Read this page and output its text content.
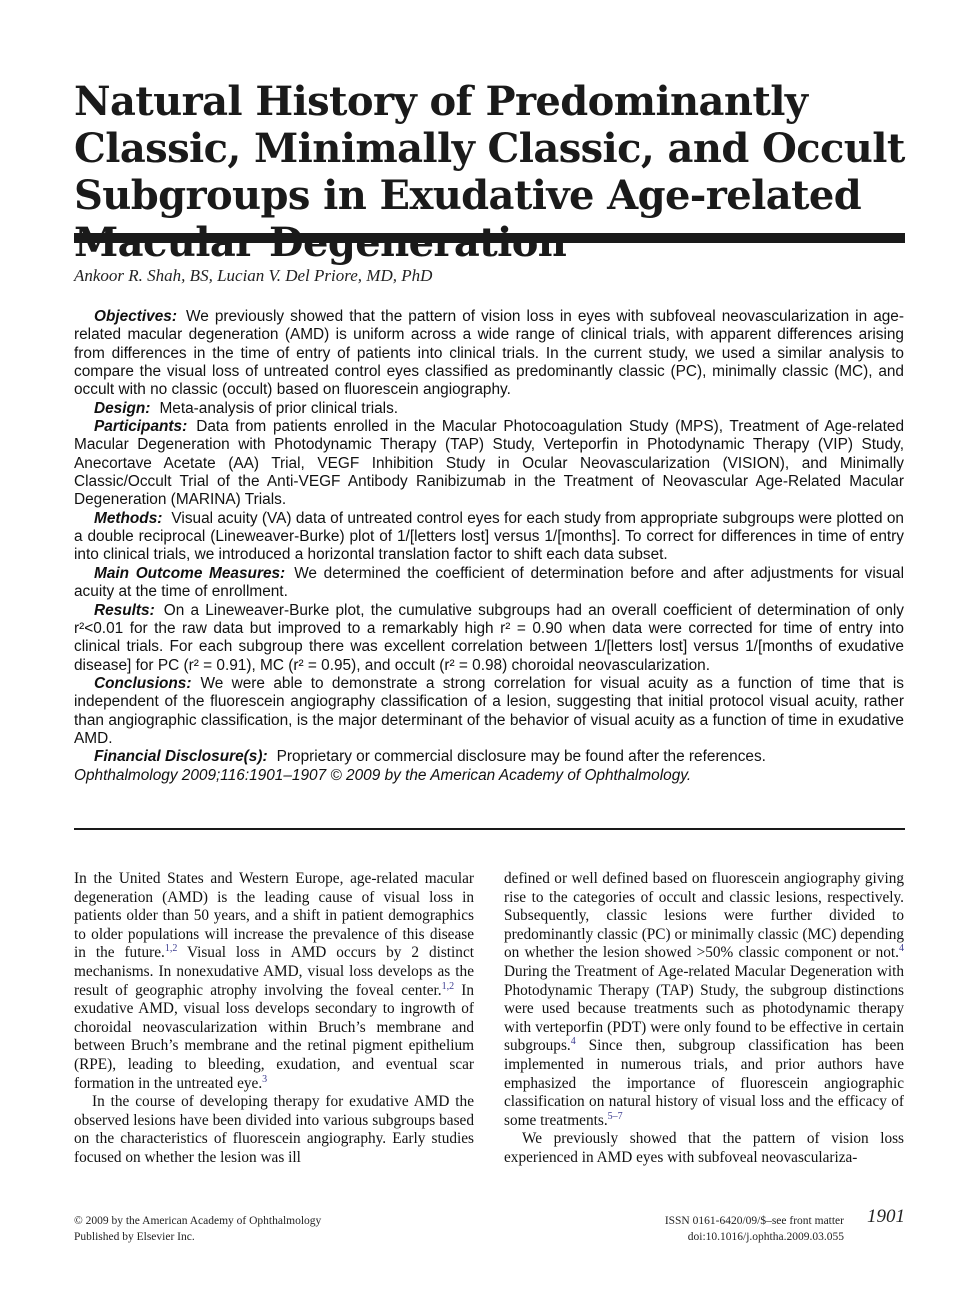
Natural History of Predominantly Classic, Minimally Classic, and Occult Subgroups in Exudative Age-related
Ankoor R. Shah, BS, Lucian V. Del Priore, MD, PhD

Objectives: We previously showed that the pattern of vision loss in eyes with subfoveal neovascularization in age-related macular degeneration (AMD) is uniform across a wide range of clinical trials, with apparent differences arising from differences in the time of entry of patients into clinical trials. In the current study, we used a similar analysis to compare the visual loss of untreated control eyes classified as predominantly classic (PC), minimally classic (MC), and occult with no classic (occult) based on fluorescein angiography.

Design: Meta-analysis of prior clinical trials.

Participants: Data from patients enrolled in the Macular Photocoagulation Study (MPS), Treatment of Age-related Macular Degeneration with Photodynamic Therapy (TAP) Study, Verteporfin in Photodynamic Therapy (VIP) Study, Anecortave Acetate (AA) Trial, VEGF Inhibition Study in Ocular Neovascularization (VISION), and Minimally Classic/Occult Trial of the Anti-VEGF Antibody Ranibizumab in the Treatment of Neovascular Age-Related Macular Degeneration (MARINA) Trials.

Methods: Visual acuity (VA) data of untreated control eyes for each study from appropriate subgroups were plotted on a double reciprocal (Lineweaver-Burke) plot of 1/[letters lost] versus 1/[months]. To correct for differences in time of entry into clinical trials, we introduced a horizontal translation factor to shift each data subset.

Main Outcome Measures: We determined the coefficient of determination before and after adjustments for visual acuity at the time of enrollment.

Results: On a Lineweaver-Burke plot, the cumulative subgroups had an overall coefficient of determination of only r²<0.01 for the raw data but improved to a remarkably high r² = 0.90 when data were corrected for time of entry into clinical trials. For each subgroup there was excellent correlation between 1/[letters lost] versus 1/[months of exudative disease] for PC (r² = 0.91), MC (r² = 0.95), and occult (r² = 0.98) choroidal neovascularization.

Conclusions: We were able to demonstrate a strong correlation for visual acuity as a function of time that is independent of the fluorescein angiography classification of a lesion, suggesting that initial protocol visual acuity, rather than angiographic classification, is the major determinant of the behavior of visual acuity as a function of time in exudative AMD.

Financial Disclosure(s): Proprietary or commercial disclosure may be found after the references.

Ophthalmology 2009;116:1901–1907 © 2009 by the American Academy of Ophthalmology.

In the United States and Western Europe, age-related macular degeneration (AMD) is the leading cause of visual loss in patients older than 50 years, and a shift in patient demographics to older populations will increase the prevalence of this disease in the future.$^{1,2}$ Visual loss in AMD occurs by 2 distinct mechanisms. In nonexudative AMD, visual loss develops as the result of geographic atrophy involving the foveal center.$^{1,2}$ In exudative AMD, visual loss develops secondary to ingrowth of choroidal neovascularization within Bruch’s membrane and between Bruch’s membrane and the retinal pigment epithelium (RPE), leading to bleeding, exudation, and eventual scar formation in the untreated eye.$^3$

In the course of developing therapy for exudative AMD the observed lesions have been divided into various subgroups based on the characteristics of fluorescein angiography. Early studies focused on whether the lesion was ill

defined or well defined based on fluorescein angiography giving rise to the categories of occult and classic lesions, respectively. Subsequently, classic lesions were further divided to predominantly classic (PC) or minimally classic (MC) depending on whether the lesion showed >50% classic component or not.$^4$ During the Treatment of Age-related Macular Degeneration with Photodynamic Therapy (TAP) Study, the subgroup distinctions were used because treatments such as photodynamic therapy with verteporfin (PDT) were only found to be effective in certain subgroups.$^4$ Since then, subgroup classification has been implemented in numerous trials, and prior authors have emphasized the importance of fluorescein angiographic classification on natural history of visual loss and the efficacy of some treatments.$^{5-7}$

We previously showed that the pattern of vision loss experienced in AMD eyes with subfoveal neovasculariza-

© 2009 by the American Academy of Ophthalmology
Published by Elsevier Inc.
ISSN 0161-6420/09/$–see front matter
doi:10.1016/j.ophtha.2009.03.055
1901
